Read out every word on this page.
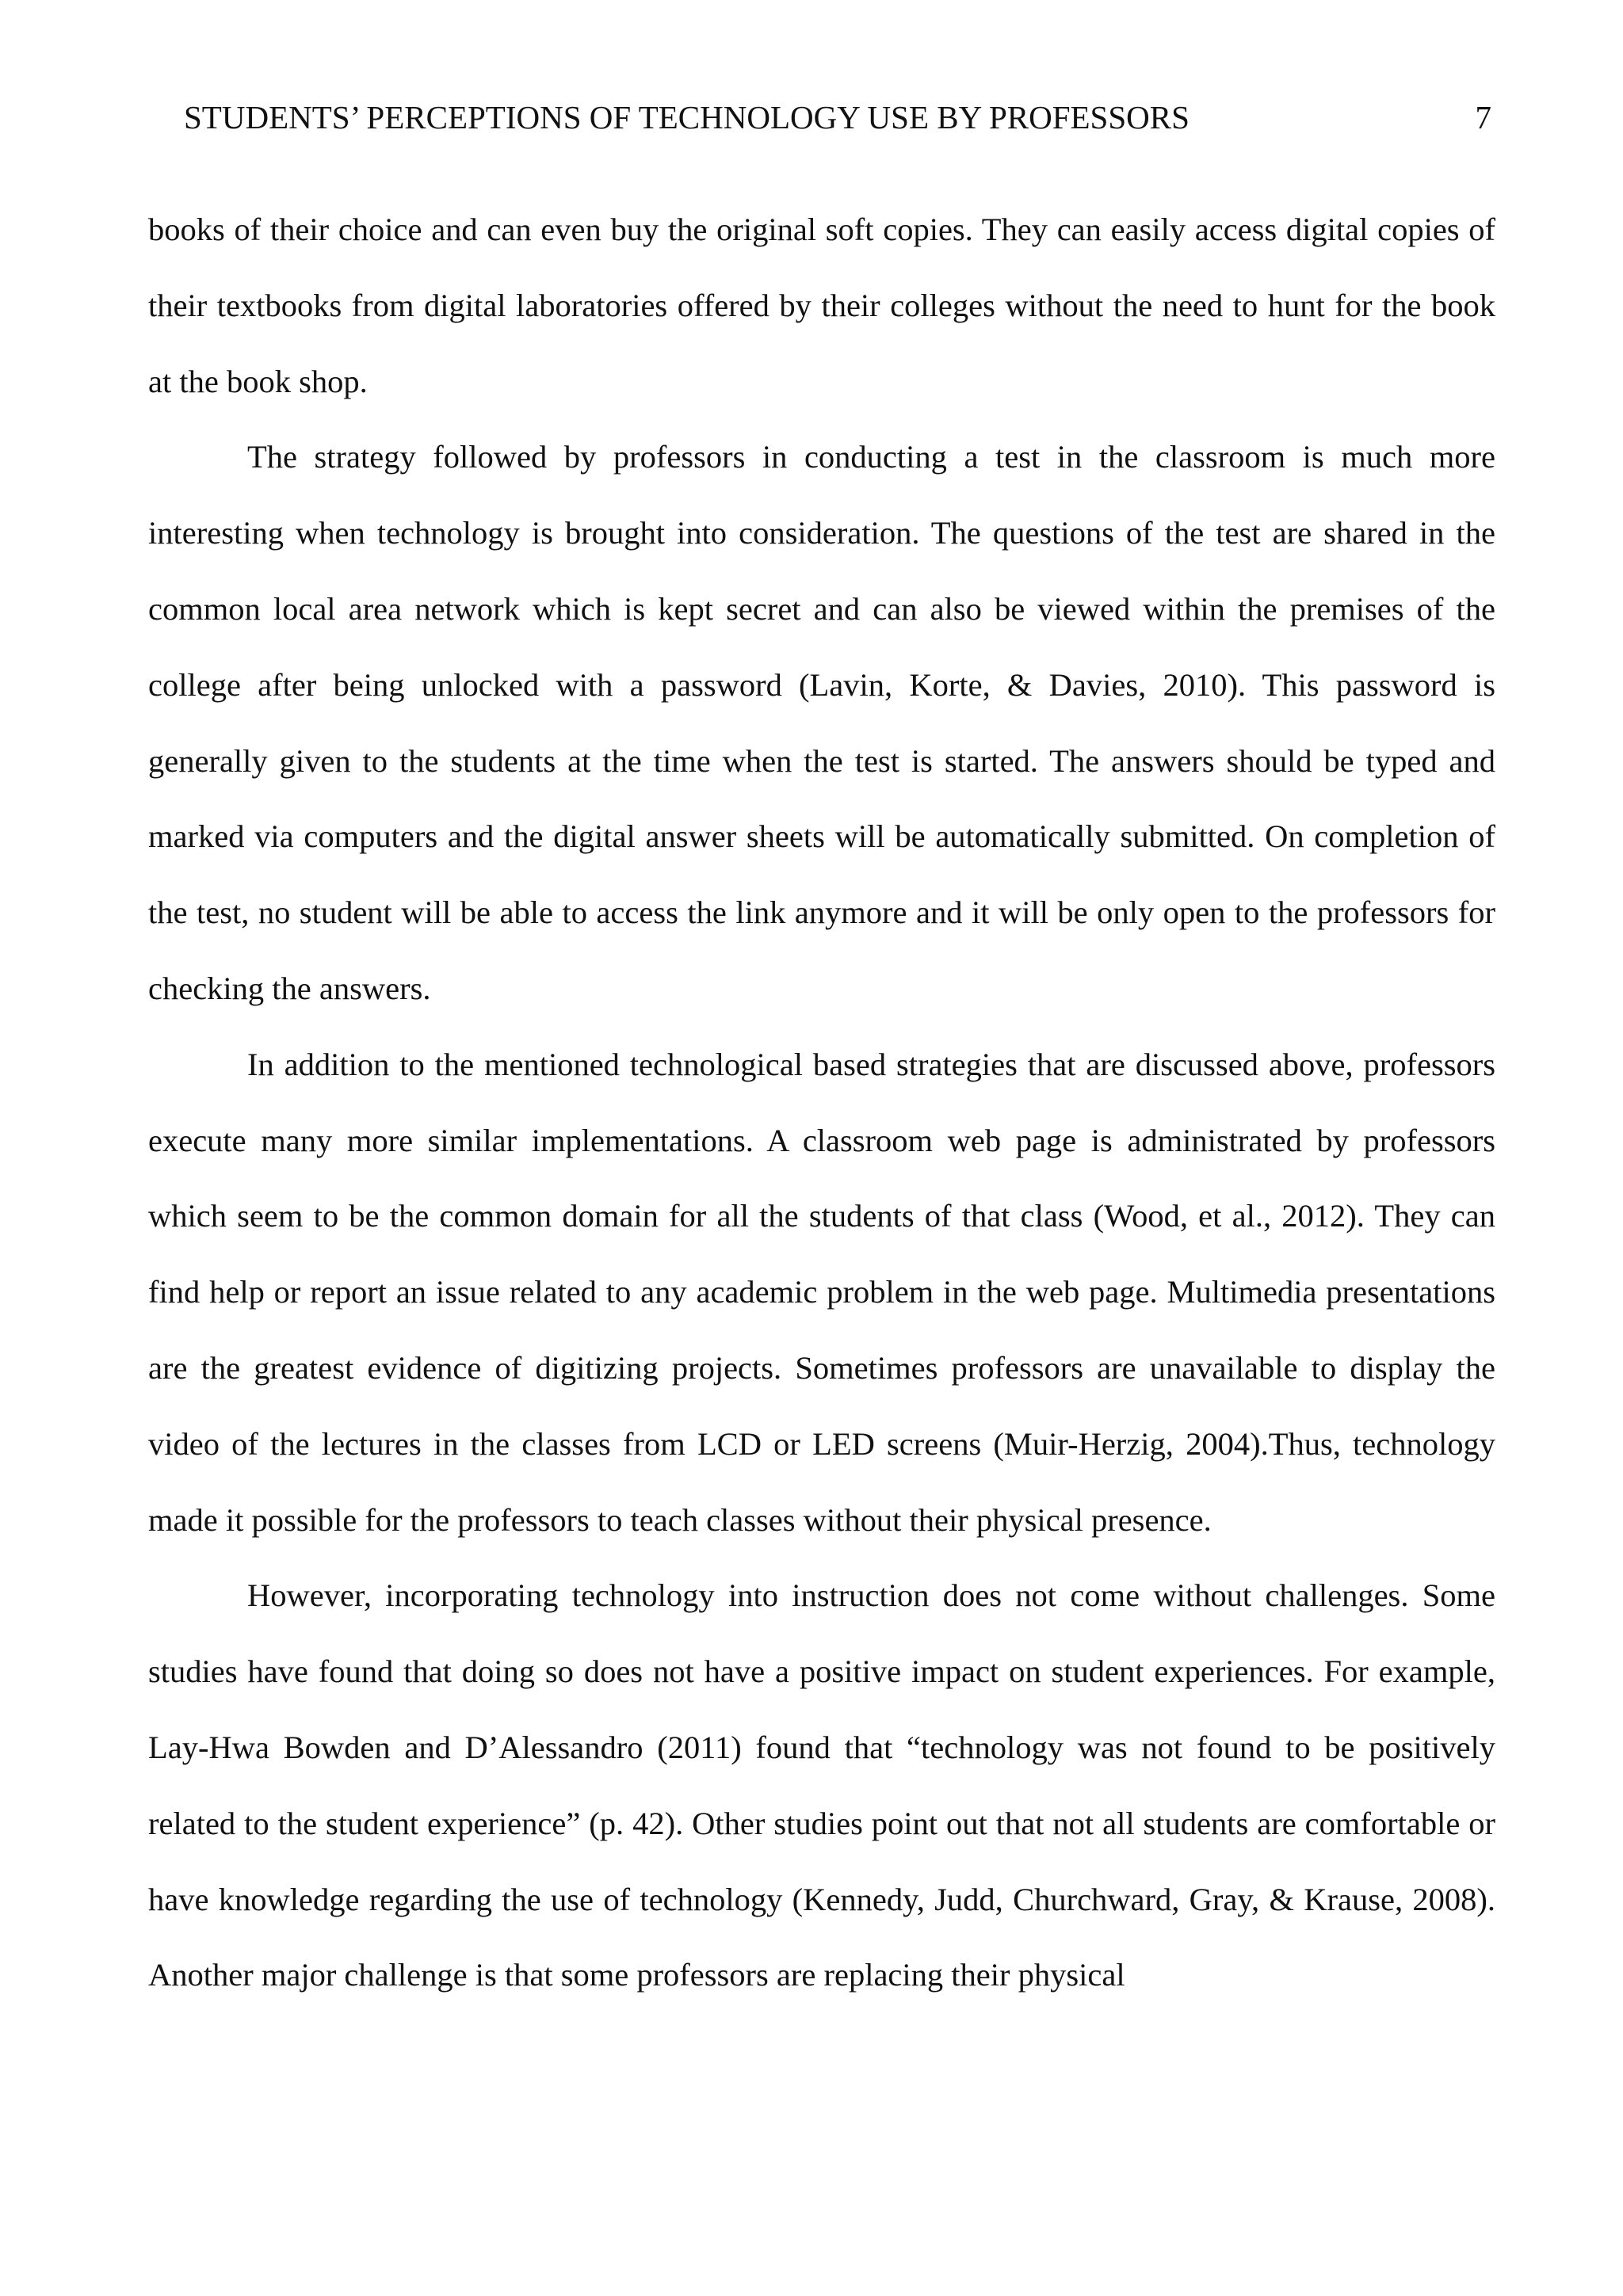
STUDENTS’ PERCEPTIONS OF TECHNOLOGY USE BY PROFESSORS	7

books of their choice and can even buy the original soft copies. They can easily access digital copies of their textbooks from digital laboratories offered by their colleges without the need to hunt for the book at the book shop.

The strategy followed by professors in conducting a test in the classroom is much more interesting when technology is brought into consideration. The questions of the test are shared in the common local area network which is kept secret and can also be viewed within the premises of the college after being unlocked with a password (Lavin, Korte, & Davies, 2010). This password is generally given to the students at the time when the test is started. The answers should be typed and marked via computers and the digital answer sheets will be automatically submitted. On completion of the test, no student will be able to access the link anymore and it will be only open to the professors for checking the answers.

In addition to the mentioned technological based strategies that are discussed above, professors execute many more similar implementations. A classroom web page is administrated by professors which seem to be the common domain for all the students of that class (Wood, et al., 2012). They can find help or report an issue related to any academic problem in the web page. Multimedia presentations are the greatest evidence of digitizing projects. Sometimes professors are unavailable to display the video of the lectures in the classes from LCD or LED screens (Muir-Herzig, 2004).Thus, technology made it possible for the professors to teach classes without their physical presence.

However, incorporating technology into instruction does not come without challenges. Some studies have found that doing so does not have a positive impact on student experiences. For example, Lay-Hwa Bowden and D’Alessandro (2011) found that “technology was not found to be positively related to the student experience” (p. 42). Other studies point out that not all students are comfortable or have knowledge regarding the use of technology (Kennedy, Judd, Churchward, Gray, & Krause, 2008). Another major challenge is that some professors are replacing their physical
